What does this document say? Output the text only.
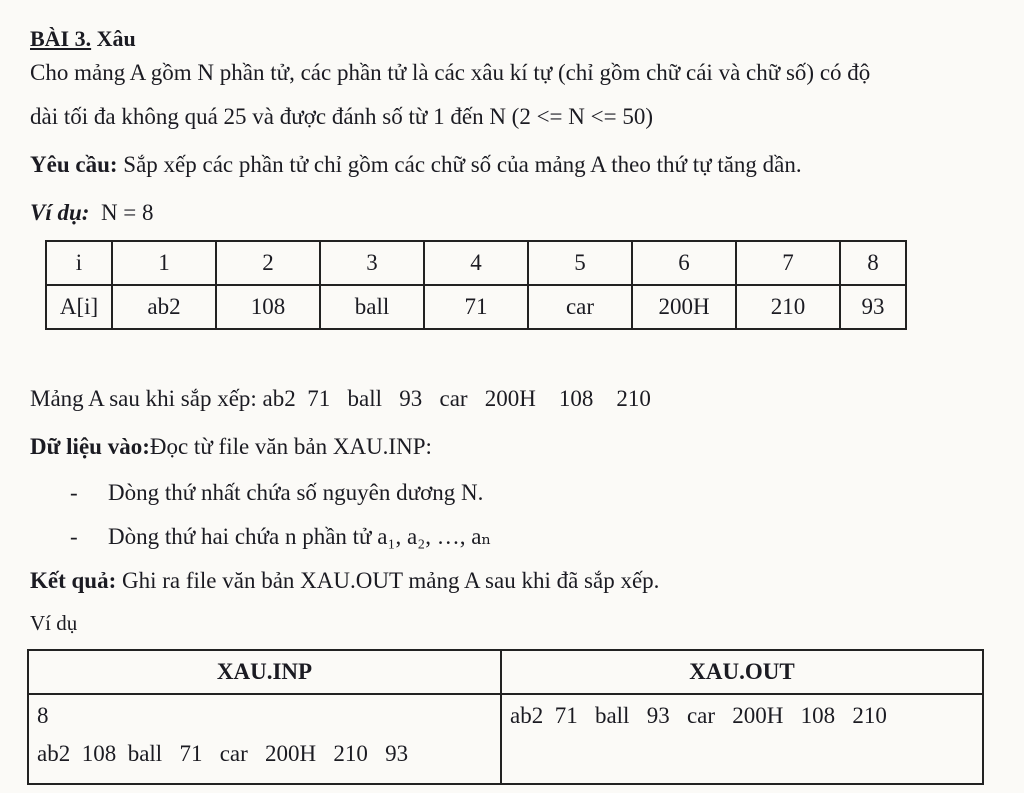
BÀI 3. Xâu
Cho mảng A gồm N phần tử, các phần tử là các xâu kí tự (chỉ gồm chữ cái và chữ số) có độ
dài tối đa không quá 25 và được đánh số từ 1 đến N (2 <= N <= 50)
Yêu cầu: Sắp xếp các phần tử chỉ gồm các chữ số của mảng A theo thứ tự tăng dần.
Ví dụ:  N = 8
i	1	2	3	4	5	6	7	8
A[i]	ab2	108	ball	71	car	200H	210	93
Mảng A sau khi sắp xếp: ab2  71   ball   93   car   200H    108    210
Dữ liệu vào:Đọc từ file văn bản XAU.INP:
- Dòng thứ nhất chứa số nguyên dương N.
- Dòng thứ hai chứa n phần tử a₁, a₂, …, aₙ
Kết quả: Ghi ra file văn bản XAU.OUT mảng A sau khi đã sắp xếp.
Ví dụ
XAU.INP	XAU.OUT

8
ab2  108  ball   71   car   200H   210   93	ab2  71   ball   93   car   200H   108   210
